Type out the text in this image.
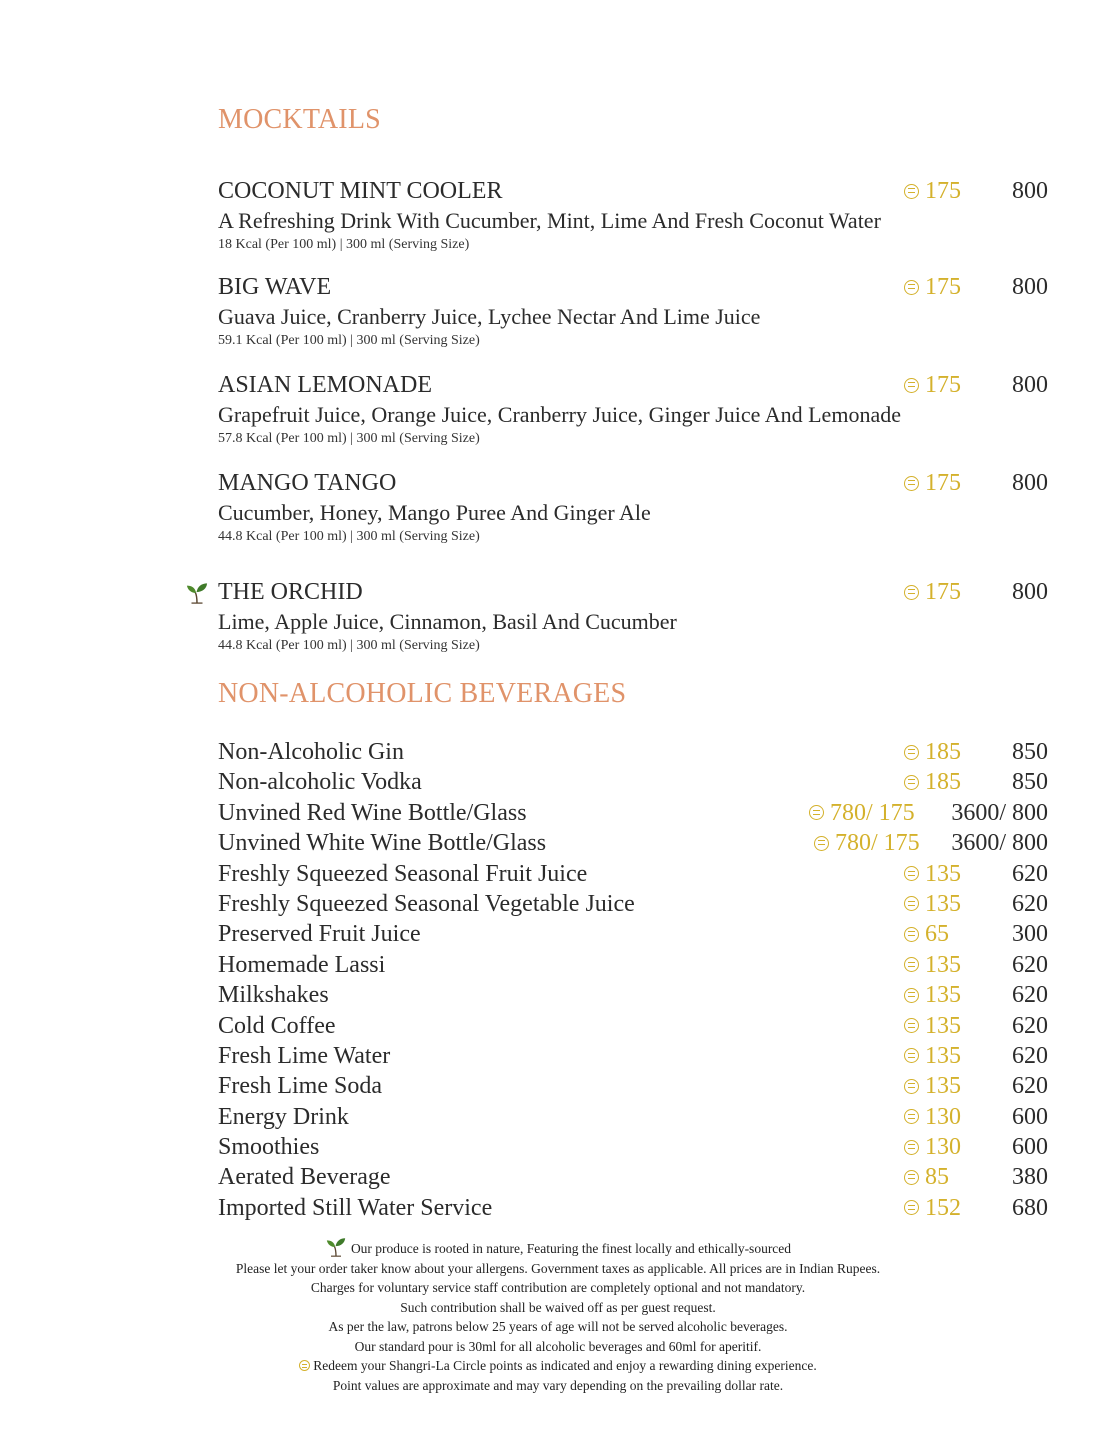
MOCKTAILS
COCONUT MINT COOLER	175 800
A Refreshing Drink With Cucumber, Mint, Lime And Fresh Coconut Water
18 Kcal (Per 100 ml) | 300 ml (Serving Size)
BIG WAVE	175 800
Guava Juice, Cranberry Juice, Lychee Nectar And Lime Juice
59.1 Kcal (Per 100 ml) | 300 ml (Serving Size)
ASIAN LEMONADE	175 800
Grapefruit Juice, Orange Juice, Cranberry Juice, Ginger Juice And Lemonade
57.8 Kcal (Per 100 ml) | 300 ml (Serving Size)
MANGO TANGO	175 800
Cucumber, Honey, Mango Puree And Ginger Ale
44.8 Kcal (Per 100 ml) | 300 ml (Serving Size)
THE ORCHID	175 800
Lime, Apple Juice, Cinnamon, Basil And Cucumber
44.8 Kcal (Per 100 ml) | 300 ml (Serving Size)
NON-ALCOHOLIC BEVERAGES
Non-Alcoholic Gin	185 850
Non-alcoholic Vodka	185 850
Unvined Red Wine Bottle/Glass	780/ 175 3600/ 800
Unvined White Wine Bottle/Glass	780/ 175 3600/ 800
Freshly Squeezed Seasonal Fruit Juice	135 620
Freshly Squeezed Seasonal Vegetable Juice	135 620
Preserved Fruit Juice	65	300
Homemade Lassi	135 620
Milkshakes	135 620
Cold Coffee	135 620
Fresh Lime Water	135 620
Fresh Lime Soda	135 620
Energy Drink	130 600
Smoothies	130 600
Aerated Beverage	85	380
Imported Still Water Service	152 680
Our produce is rooted in nature, Featuring the finest locally and ethically-sourced
Please let your order taker know about your allergens. Government taxes as applicable. All prices are in Indian Rupees.
Charges for voluntary service staff contribution are completely optional and not mandatory.
Such contribution shall be waived off as per guest request.
As per the law, patrons below 25 years of age will not be served alcoholic beverages.
Our standard pour is 30ml for all alcoholic beverages and 60ml for aperitif.
Redeem your Shangri-La Circle points as indicated and enjoy a rewarding dining experience.
Point values are approximate and may vary depending on the prevailing dollar rate.
